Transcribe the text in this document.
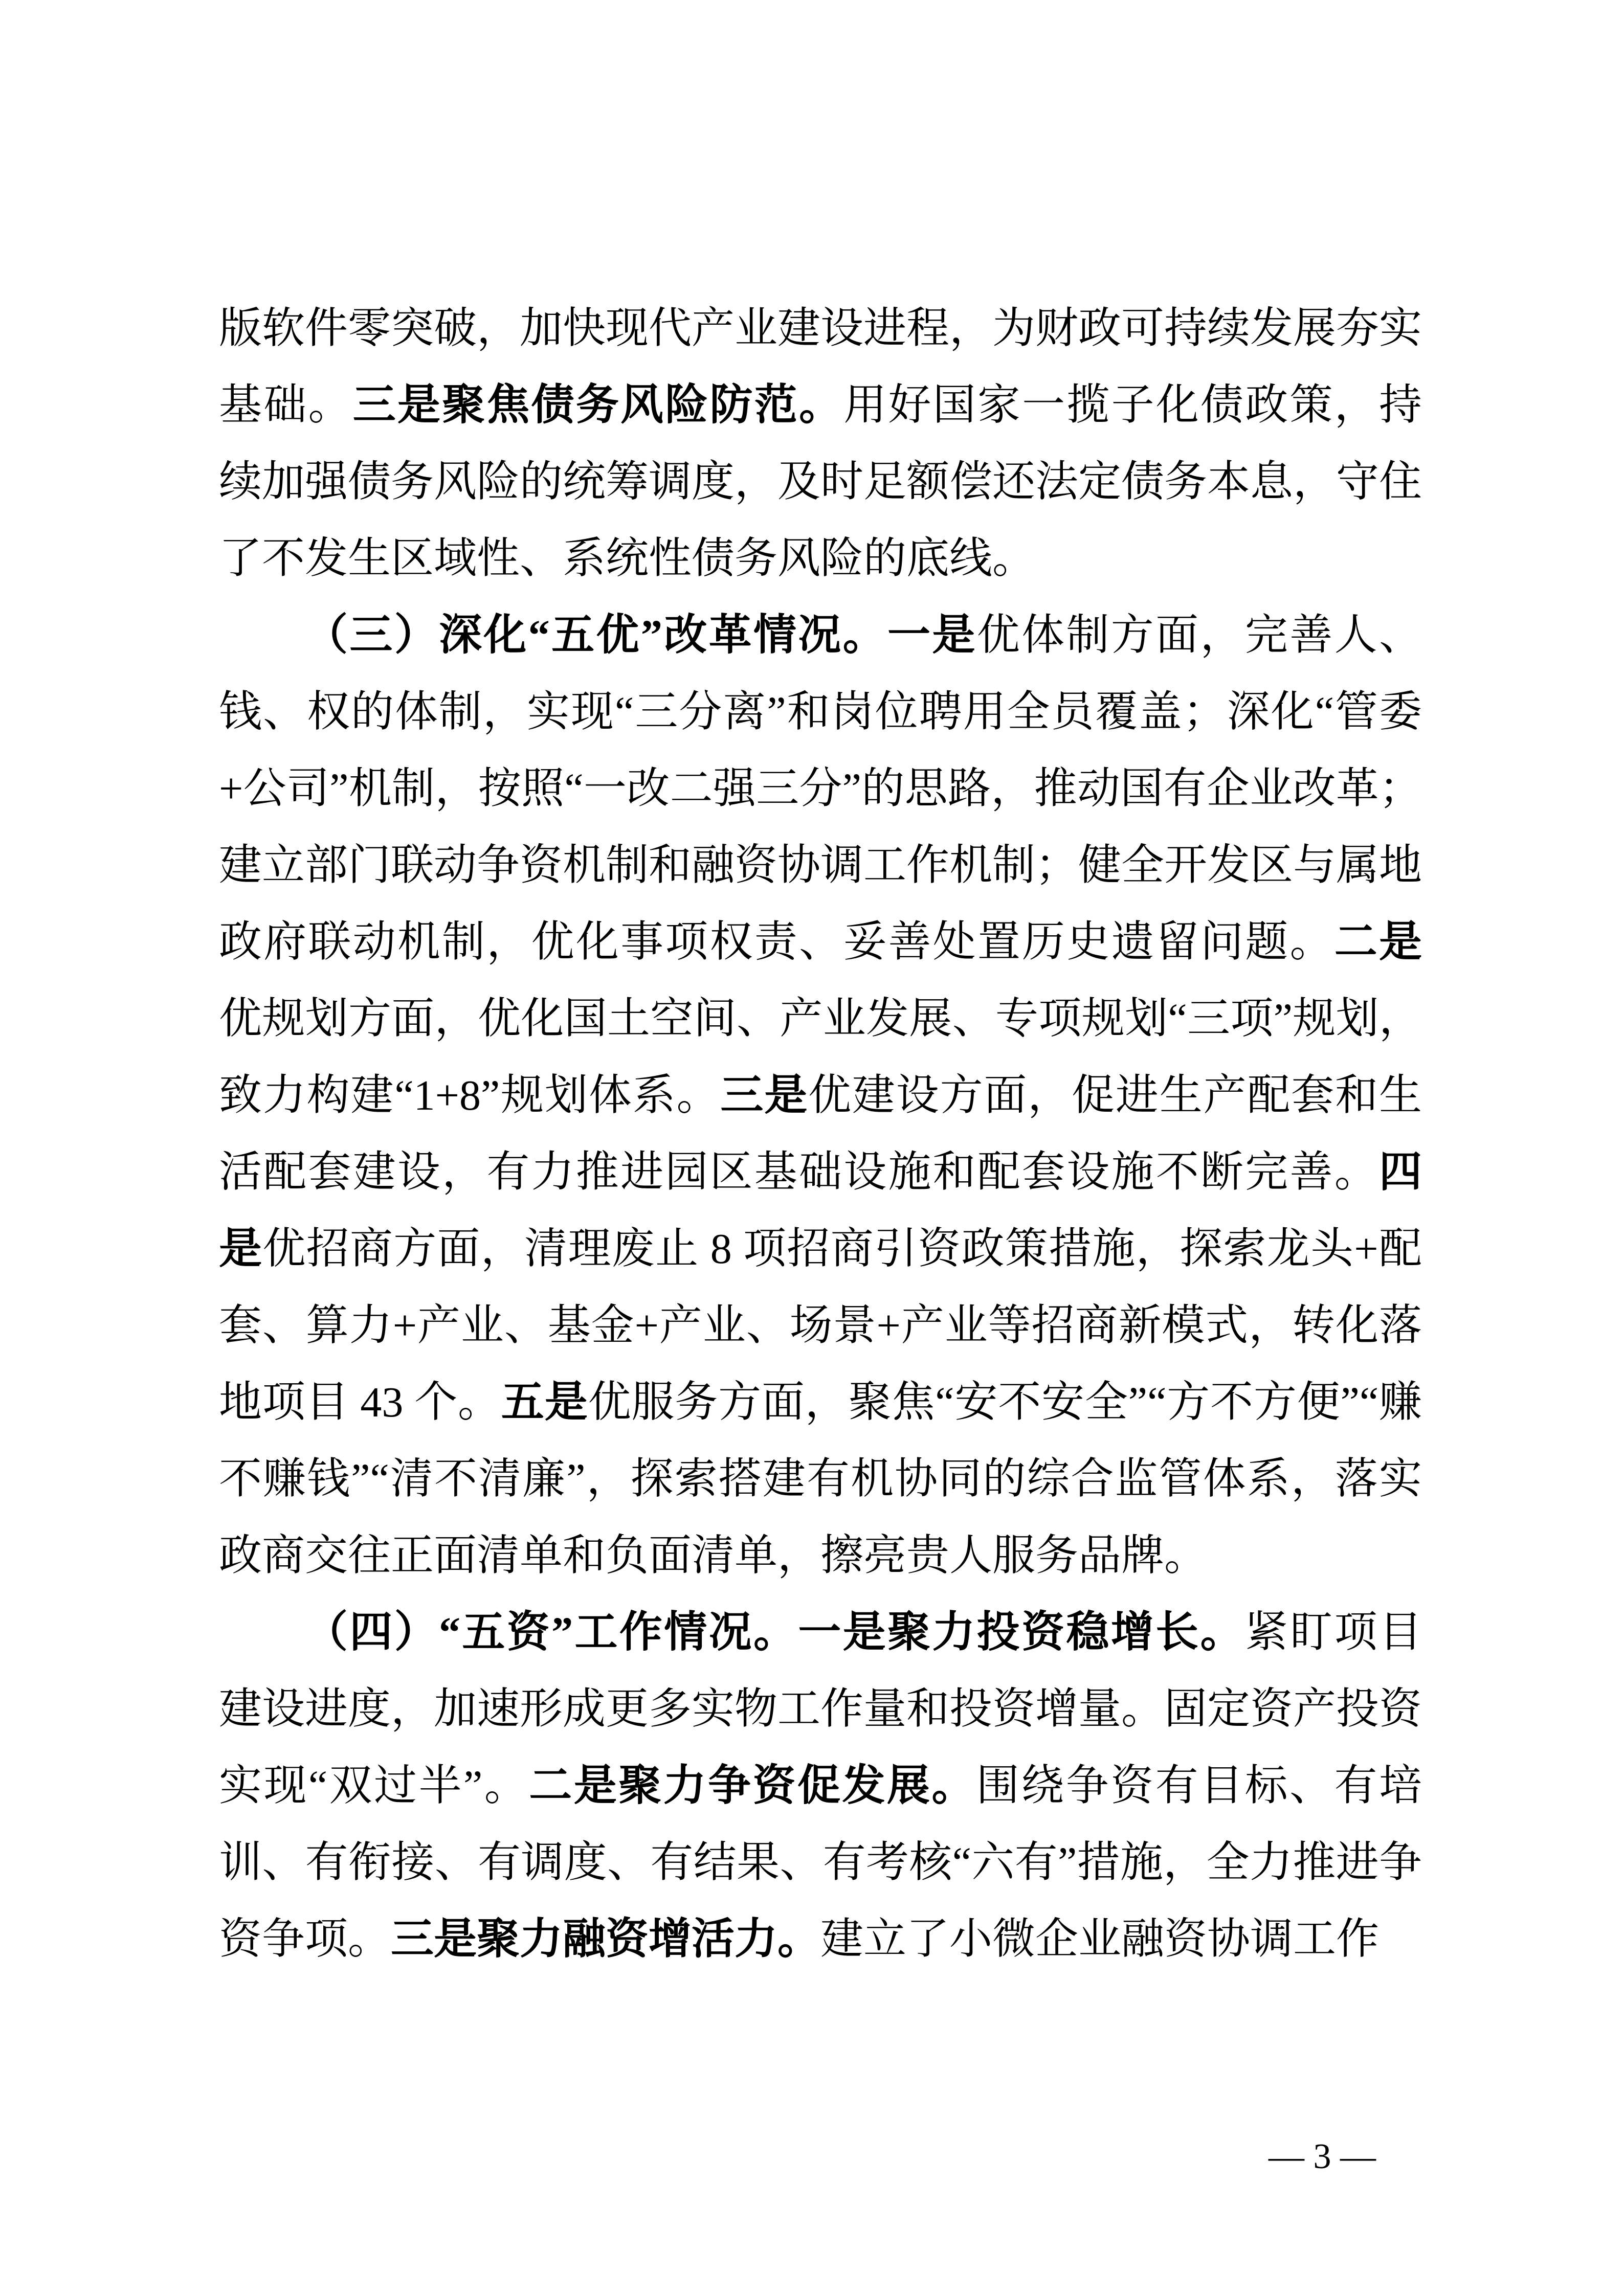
版软件零突破，加快现代产业建设进程，为财政可持续发展夯实基础。三是聚焦债务风险防范。用好国家一揽子化债政策，持续加强债务风险的统筹调度，及时足额偿还法定债务本息，守住了不发生区域性、系统性债务风险的底线。

（三）深化“五优”改革情况。一是优体制方面，完善人、钱、权的体制，实现“三分离”和岗位聘用全员覆盖；深化“管委+公司”机制，按照“一改二强三分”的思路，推动国有企业改革；建立部门联动争资机制和融资协调工作机制；健全开发区与属地政府联动机制，优化事项权责、妥善处置历史遗留问题。二是优规划方面，优化国土空间、产业发展、专项规划“三项”规划，致力构建“1+8”规划体系。三是优建设方面，促进生产配套和生活配套建设，有力推进园区基础设施和配套设施不断完善。四是优招商方面，清理废止 8 项招商引资政策措施，探索龙头+配套、算力+产业、基金+产业、场景+产业等招商新模式，转化落地项目 43 个。五是优服务方面，聚焦“安不安全”“方不方便”“赚不赚钱”“清不清廉”，探索搭建有机协同的综合监管体系，落实政商交往正面清单和负面清单，擦亮贵人服务品牌。

（四）“五资”工作情况。一是聚力投资稳增长。紧盯项目建设进度，加速形成更多实物工作量和投资增量。固定资产投资实现“双过半”。二是聚力争资促发展。围绕争资有目标、有培训、有衔接、有调度、有结果、有考核“六有”措施，全力推进争资争项。三是聚力融资增活力。建立了小微企业融资协调工作

— 3 —
